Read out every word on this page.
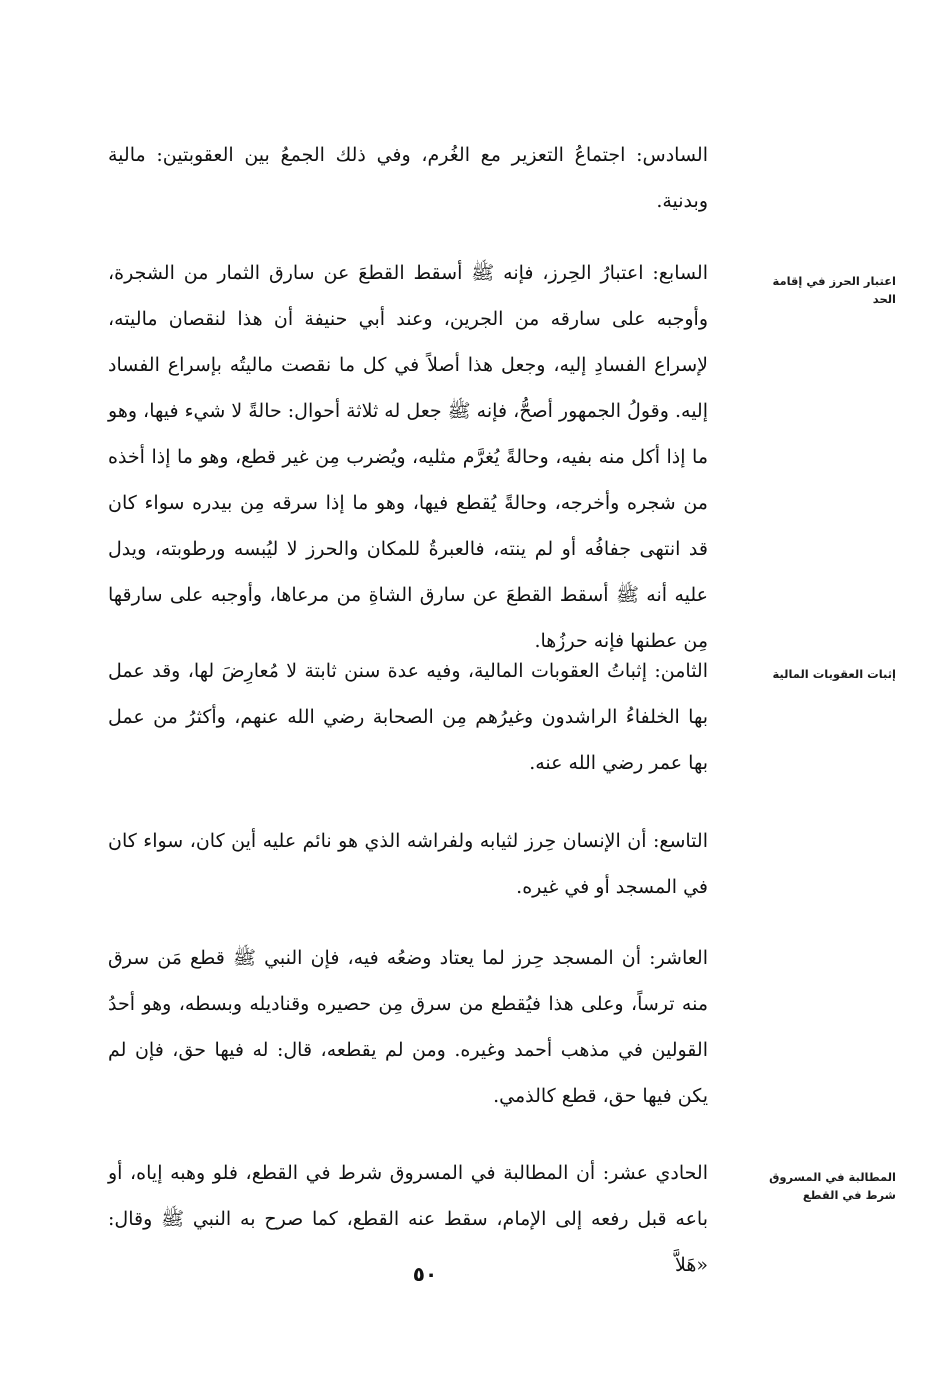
السادس: اجتماعُ التعزير مع الغُرم، وفي ذلك الجمعُ بين العقوبتين: مالية وبدنية.

اعتبار الحرز في إقامة الحد

السابع: اعتبارُ الحِرز، فإنه ﷺ أسقط القطعَ عن سارق الثمار من الشجرة، وأوجبه على سارقه من الجرين، وعند أبي حنيفة أن هذا لنقصان ماليته، لإسراع الفسادِ إليه، وجعل هذا أصلاً في كل ما نقصت ماليتُه بإسراع الفساد إليه. وقولُ الجمهور أصحُّ، فإنه ﷺ جعل له ثلاثة أحوال: حالةً لا شيء فيها، وهو ما إذا أكل منه بفيه، وحالةً يُغرَّم مثليه، ويُضرب مِن غير قطع، وهو ما إذا أخذه من شجره وأخرجه، وحالةً يُقطع فيها، وهو ما إذا سرقه مِن بيدره سواء كان قد انتهى جفافُه أو لم ينته، فالعبرةُ للمكان والحرز لا ليُبسه ورطوبته، ويدل عليه أنه ﷺ أسقط القطعَ عن سارق الشاةِ من مرعاها، وأوجبه على سارقها مِن عطنها فإنه حرزُها.

إثبات العقوبات المالية

الثامن: إثباتُ العقوبات المالية، وفيه عدة سنن ثابتة لا مُعارِضَ لها، وقد عمل بها الخلفاءُ الراشدون وغيرُهم مِن الصحابة رضي الله عنهم، وأكثرُ من عمل بها عمر رضي الله عنه.

التاسع: أن الإنسان حِرز لثيابه ولفراشه الذي هو نائم عليه أين كان، سواء كان في المسجد أو في غيره.

العاشر: أن المسجد حِرز لما يعتاد وضعُه فيه، فإن النبي ﷺ قطع مَن سرق منه ترساً، وعلى هذا فيُقطع من سرق مِن حصيره وقناديله وبسطه، وهو أحدُ القولين في مذهب أحمد وغيره. ومن لم يقطعه، قال: له فيها حق، فإن لم يكن فيها حق، قطع كالذمي.

المطالبة في المسروق شرط في القطع

الحادي عشر: أن المطالبة في المسروق شرط في القطع، فلو وهبه إياه، أو باعه قبل رفعه إلى الإمام، سقط عنه القطع، كما صرح به النبي ﷺ وقال: «هَلاَّ

٥٠
